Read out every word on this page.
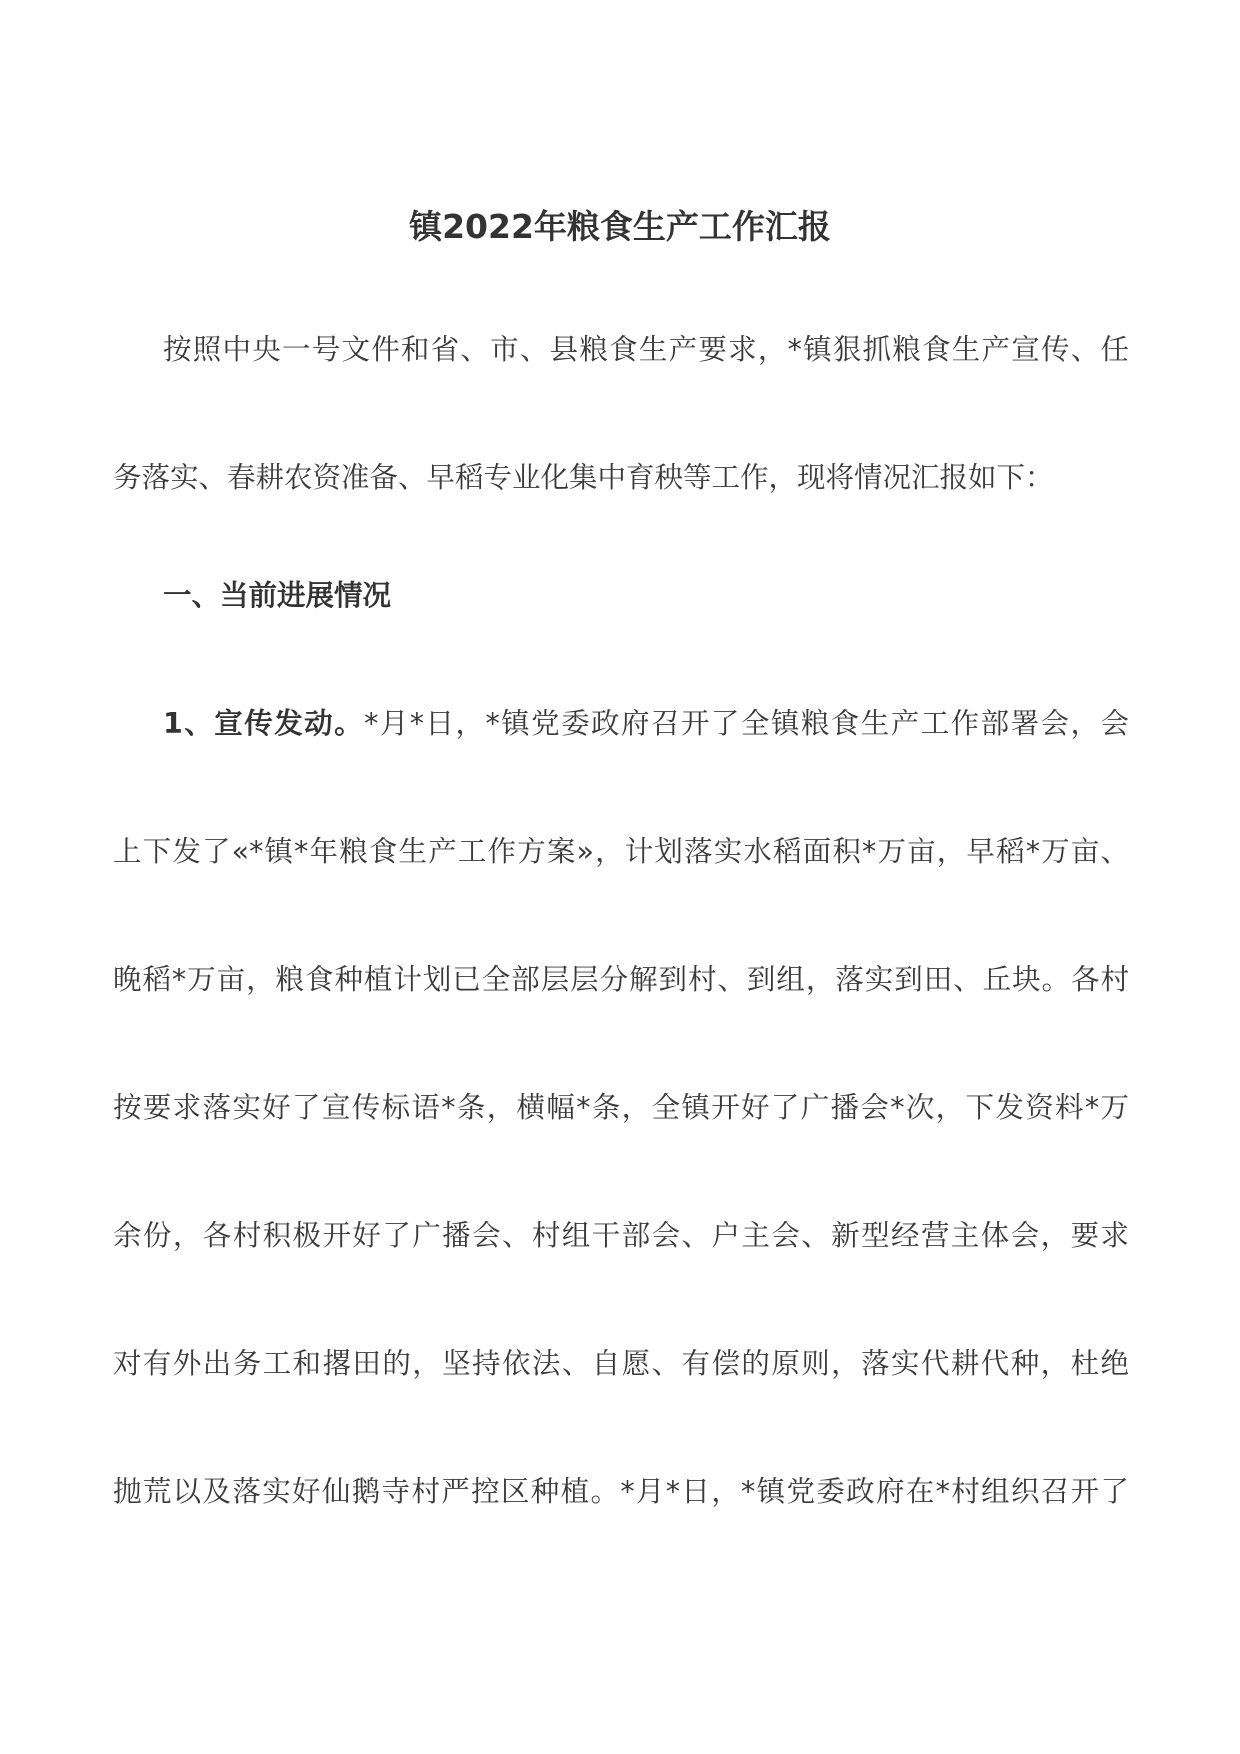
镇2022年粮食生产工作汇报

按照中央一号文件和省、市、县粮食生产要求，*镇狠抓粮食生产宣传、任

务落实、春耕农资准备、早稻专业化集中育秧等工作，现将情况汇报如下：

一、当前进展情况

1、宣传发动。*月*日，*镇党委政府召开了全镇粮食生产工作部署会，会

上下发了«*镇*年粮食生产工作方案»，计划落实水稻面积*万亩，早稻*万亩、

晚稻*万亩，粮食种植计划已全部层层分解到村、到组，落实到田、丘块。各村

按要求落实好了宣传标语*条，横幅*条，全镇开好了广播会*次，下发资料*万

余份，各村积极开好了广播会、村组干部会、户主会、新型经营主体会，要求

对有外出务工和撂田的，坚持依法、自愿、有偿的原则，落实代耕代种，杜绝

抛荒以及落实好仙鹅寺村严控区种植。*月*日，*镇党委政府在*村组织召开了
